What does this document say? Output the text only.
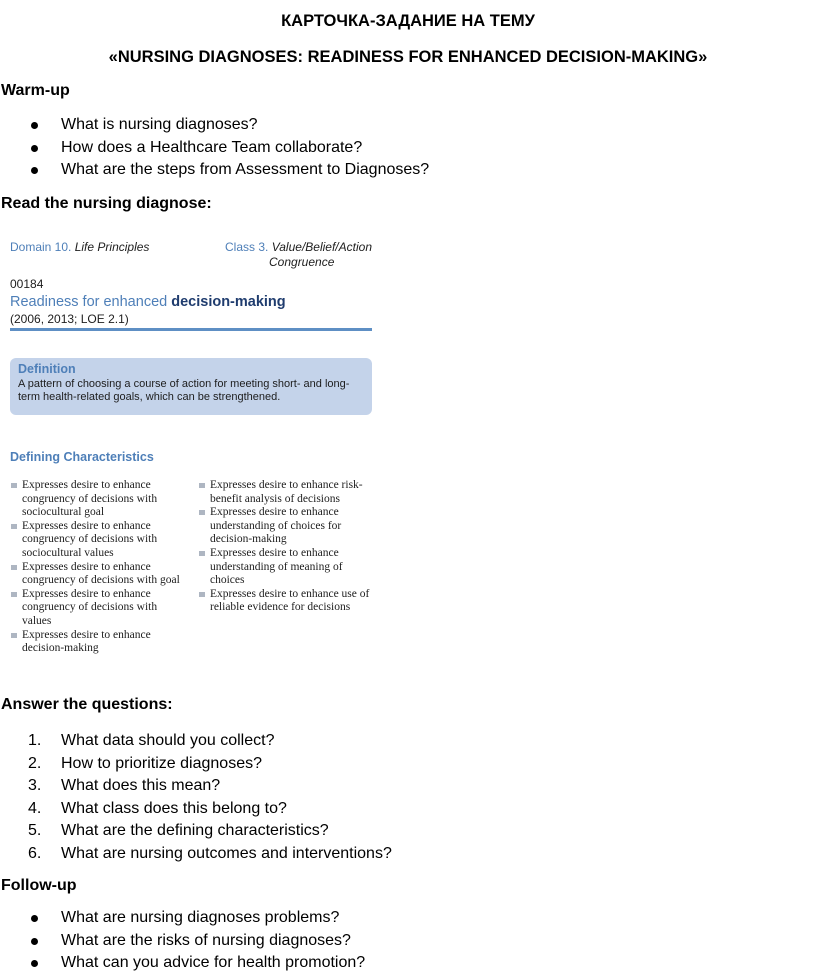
КАРТОЧКА-ЗАДАНИЕ НА ТЕМУ
«NURSING DIAGNOSES: READINESS FOR ENHANCED DECISION-MAKING»
Warm-up
What is nursing diagnoses?
How does a Healthcare Team collaborate?
What are the steps from Assessment to Diagnoses?
Read the nursing diagnose:
Domain 10. Life Principles	Class 3. Value/Belief/Action
Congruence
00184
Readiness for enhanced decision-making
(2006, 2013; LOE 2.1)
Definition
A pattern of choosing a course of action for meeting short- and long-term health-related goals, which can be strengthened.
Defining Characteristics
Expresses desire to enhance congruency of decisions with sociocultural goal
Expresses desire to enhance congruency of decisions with sociocultural values
Expresses desire to enhance congruency of decisions with goal
Expresses desire to enhance congruency of decisions with values
Expresses desire to enhance decision-making
Expresses desire to enhance risk-benefit analysis of decisions
Expresses desire to enhance understanding of choices for decision-making
Expresses desire to enhance understanding of meaning of choices
Expresses desire to enhance use of reliable evidence for decisions
Answer the questions:
1.	What data should you collect?
2.	How to prioritize diagnoses?
3.	What does this mean?
4.	What class does this belong to?
5.	What are the defining characteristics?
6.	What are nursing outcomes and interventions?
Follow-up
What are nursing diagnoses problems?
What are the risks of nursing diagnoses?
What can you advice for health promotion?
